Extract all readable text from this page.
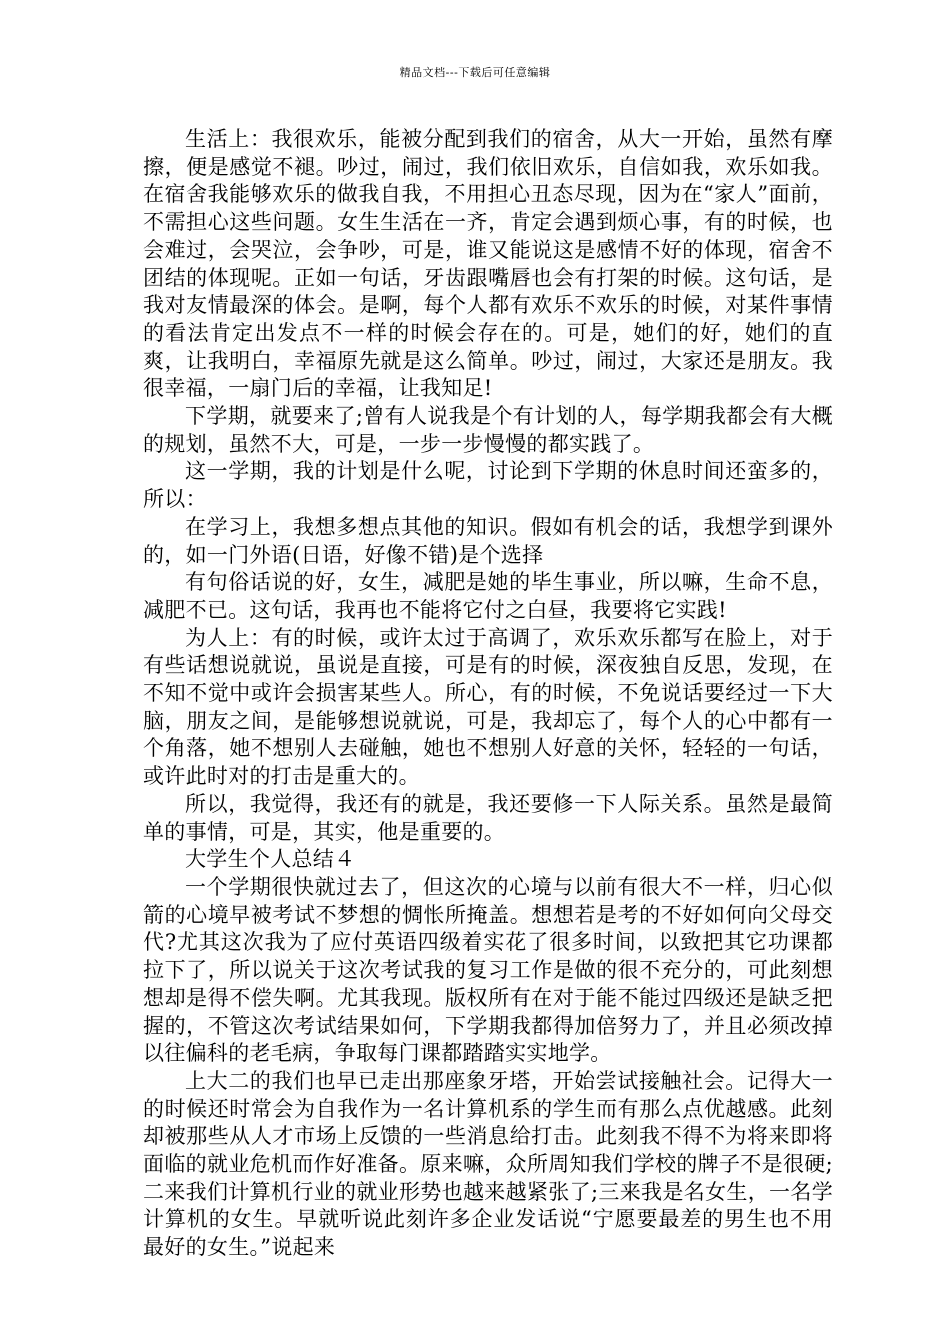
精品文档---下载后可任意编辑

生活上：我很欢乐，能被分配到我们的宿舍，从大一开始，虽然有摩擦，便是感觉不褪。吵过，闹过，我们依旧欢乐，自信如我，欢乐如我。在宿舍我能够欢乐的做我自我，不用担心丑态尽现，因为在“家人”面前，不需担心这些问题。女生生活在一齐，肯定会遇到烦心事，有的时候，也会难过，会哭泣，会争吵，可是，谁又能说这是感情不好的体现，宿舍不团结的体现呢。正如一句话，牙齿跟嘴唇也会有打架的时候。这句话，是我对友情最深的体会。是啊，每个人都有欢乐不欢乐的时候，对某件事情的看法肯定出发点不一样的时候会存在的。可是，她们的好，她们的直爽，让我明白，幸福原先就是这么简单。吵过，闹过，大家还是朋友。我很幸福，一扇门后的幸福，让我知足!

下学期，就要来了;曾有人说我是个有计划的人，每学期我都会有大概的规划，虽然不大，可是，一步一步慢慢的都实践了。

这一学期，我的计划是什么呢，讨论到下学期的休息时间还蛮多的，所以：

在学习上，我想多想点其他的知识。假如有机会的话，我想学到课外的，如一门外语(日语，好像不错)是个选择

有句俗话说的好，女生，减肥是她的毕生事业，所以嘛，生命不息，减肥不已。这句话，我再也不能将它付之白昼，我要将它实践!

为人上：有的时候，或许太过于高调了，欢乐欢乐都写在脸上，对于有些话想说就说，虽说是直接，可是有的时候，深夜独自反思，发现，在不知不觉中或许会损害某些人。所心，有的时候，不免说话要经过一下大脑，朋友之间，是能够想说就说，可是，我却忘了，每个人的心中都有一个角落，她不想别人去碰触，她也不想别人好意的关怀，轻轻的一句话，或许此时对的打击是重大的。

所以，我觉得，我还有的就是，我还要修一下人际关系。虽然是最简单的事情，可是，其实，他是重要的。

大学生个人总结４

一个学期很快就过去了，但这次的心境与以前有很大不一样，归心似箭的心境早被考试不梦想的惆怅所掩盖。想想若是考的不好如何向父母交代?尤其这次我为了应付英语四级着实花了很多时间，以致把其它功课都拉下了，所以说关于这次考试我的复习工作是做的很不充分的，可此刻想想却是得不偿失啊。尤其我现。版权所有在对于能不能过四级还是缺乏把握的，不管这次考试结果如何，下学期我都得加倍努力了，并且必须改掉以往偏科的老毛病，争取每门课都踏踏实实地学。

上大二的我们也早已走出那座象牙塔，开始尝试接触社会。记得大一的时候还时常会为自我作为一名计算机系的学生而有那么点优越感。此刻却被那些从人才市场上反馈的一些消息给打击。此刻我不得不为将来即将面临的就业危机而作好准备。原来嘛，众所周知我们学校的牌子不是很硬;二来我们计算机行业的就业形势也越来越紧张了;三来我是名女生，一名学计算机的女生。早就听说此刻许多企业发话说“宁愿要最差的男生也不用最好的女生。”说起来
